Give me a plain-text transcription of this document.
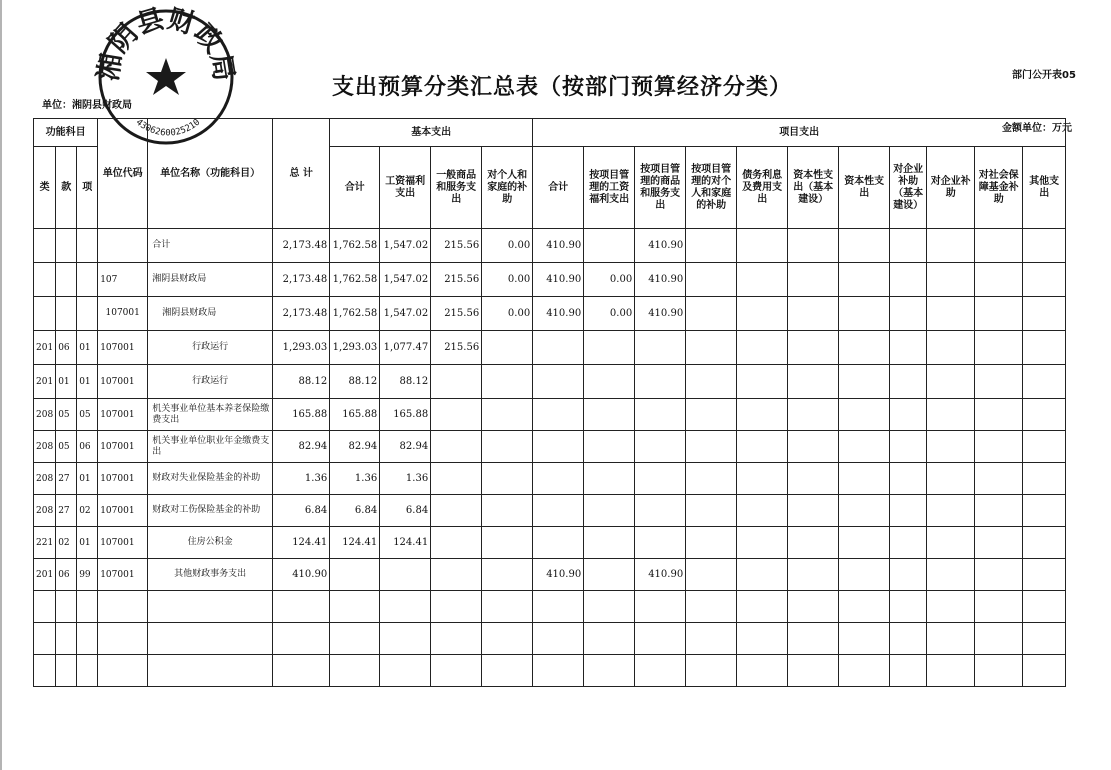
支出预算分类汇总表（按部门预算经济分类）	部门公开表05
单位：湘阴县财政局
金额单位：万元
湘阴县财政局
4306260025210
功能科目			单位代码	单位名称（功能科目）	总 计	基本支出				项目支出										
类	款	项				合计	工资福利支出	一般商品和服务支出	对个人和家庭的补助	合计	按项目管理的工资福利支出	按项目管理的商品和服务支出	按项目管理的对个人和家庭的补助	债务利息及费用支出	资本性支出（基本建设）	资本性支出	对企业补助（基本建设）	对企业补助	对社会保障基金补助	其他支出
				合计	2,173.48	1,762.58	1,547.02	215.56	0.00	410.90		410.90								
			107	湘阴县财政局	2,173.48	1,762.58	1,547.02	215.56	0.00	410.90	0.00	410.90								
			107001	湘阴县财政局	2,173.48	1,762.58	1,547.02	215.56	0.00	410.90	0.00	410.90								
201	06	01	107001	行政运行	1,293.03	1,293.03	1,077.47	215.56												
201	01	01	107001	行政运行	88.12	88.12	88.12													
208	05	05	107001	机关事业单位基本养老保险缴费支出	165.88	165.88	165.88													
208	05	06	107001	机关事业单位职业年金缴费支出	82.94	82.94	82.94													
208	27	01	107001	财政对失业保险基金的补助	1.36	1.36	1.36													
208	27	02	107001	财政对工伤保险基金的补助	6.84	6.84	6.84													
221	02	01	107001	住房公积金	124.41	124.41	124.41													
201	06	99	107001	其他财政事务支出	410.90					410.90		410.90								
